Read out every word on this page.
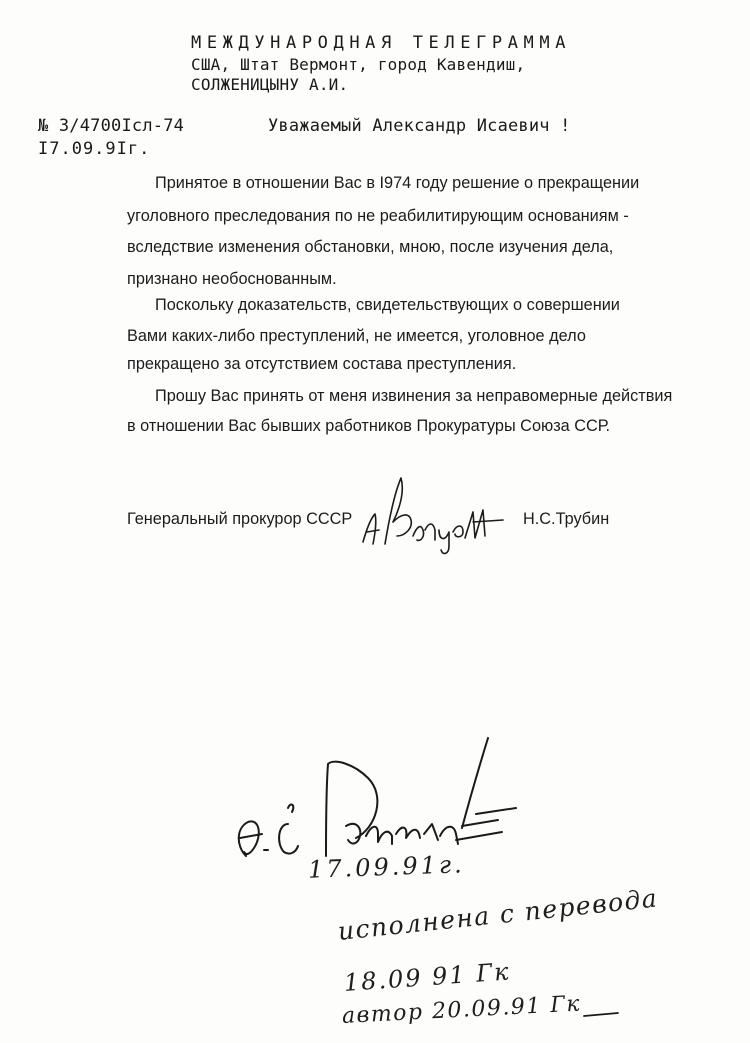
МЕЖДУНАРОДНАЯ ТЕЛЕГРАММА
США, Штат Вермонт, город Кавендиш,
СОЛЖЕНИЦЫНУ А.И.
№ 3/4700Iсл-74
I7.09.9Iг.
Уважаемый Александр Исаевич !
Принятое в отношении Вас в I974 году решение о прекращении
уголовного преследования по не реабилитирующим основаниям -
вследствие изменения обстановки, мною, после изучения дела,
признано необоснованным.
Поскольку доказательств, свидетельствующих о совершении
Вами каких-либо преступлений, не имеется, уголовное дело
прекращено за отсутствием состава преступления.
Прошу Вас принять от меня извинения за неправомерные действия
в отношении Вас бывших работников Прокуратуры Союза ССР.
Генеральный прокурор СССР	Н.С.Трубин
17.09.91г.
исполнена с перевода
18.09 91 Гк
автор 20.09.91 Гк
